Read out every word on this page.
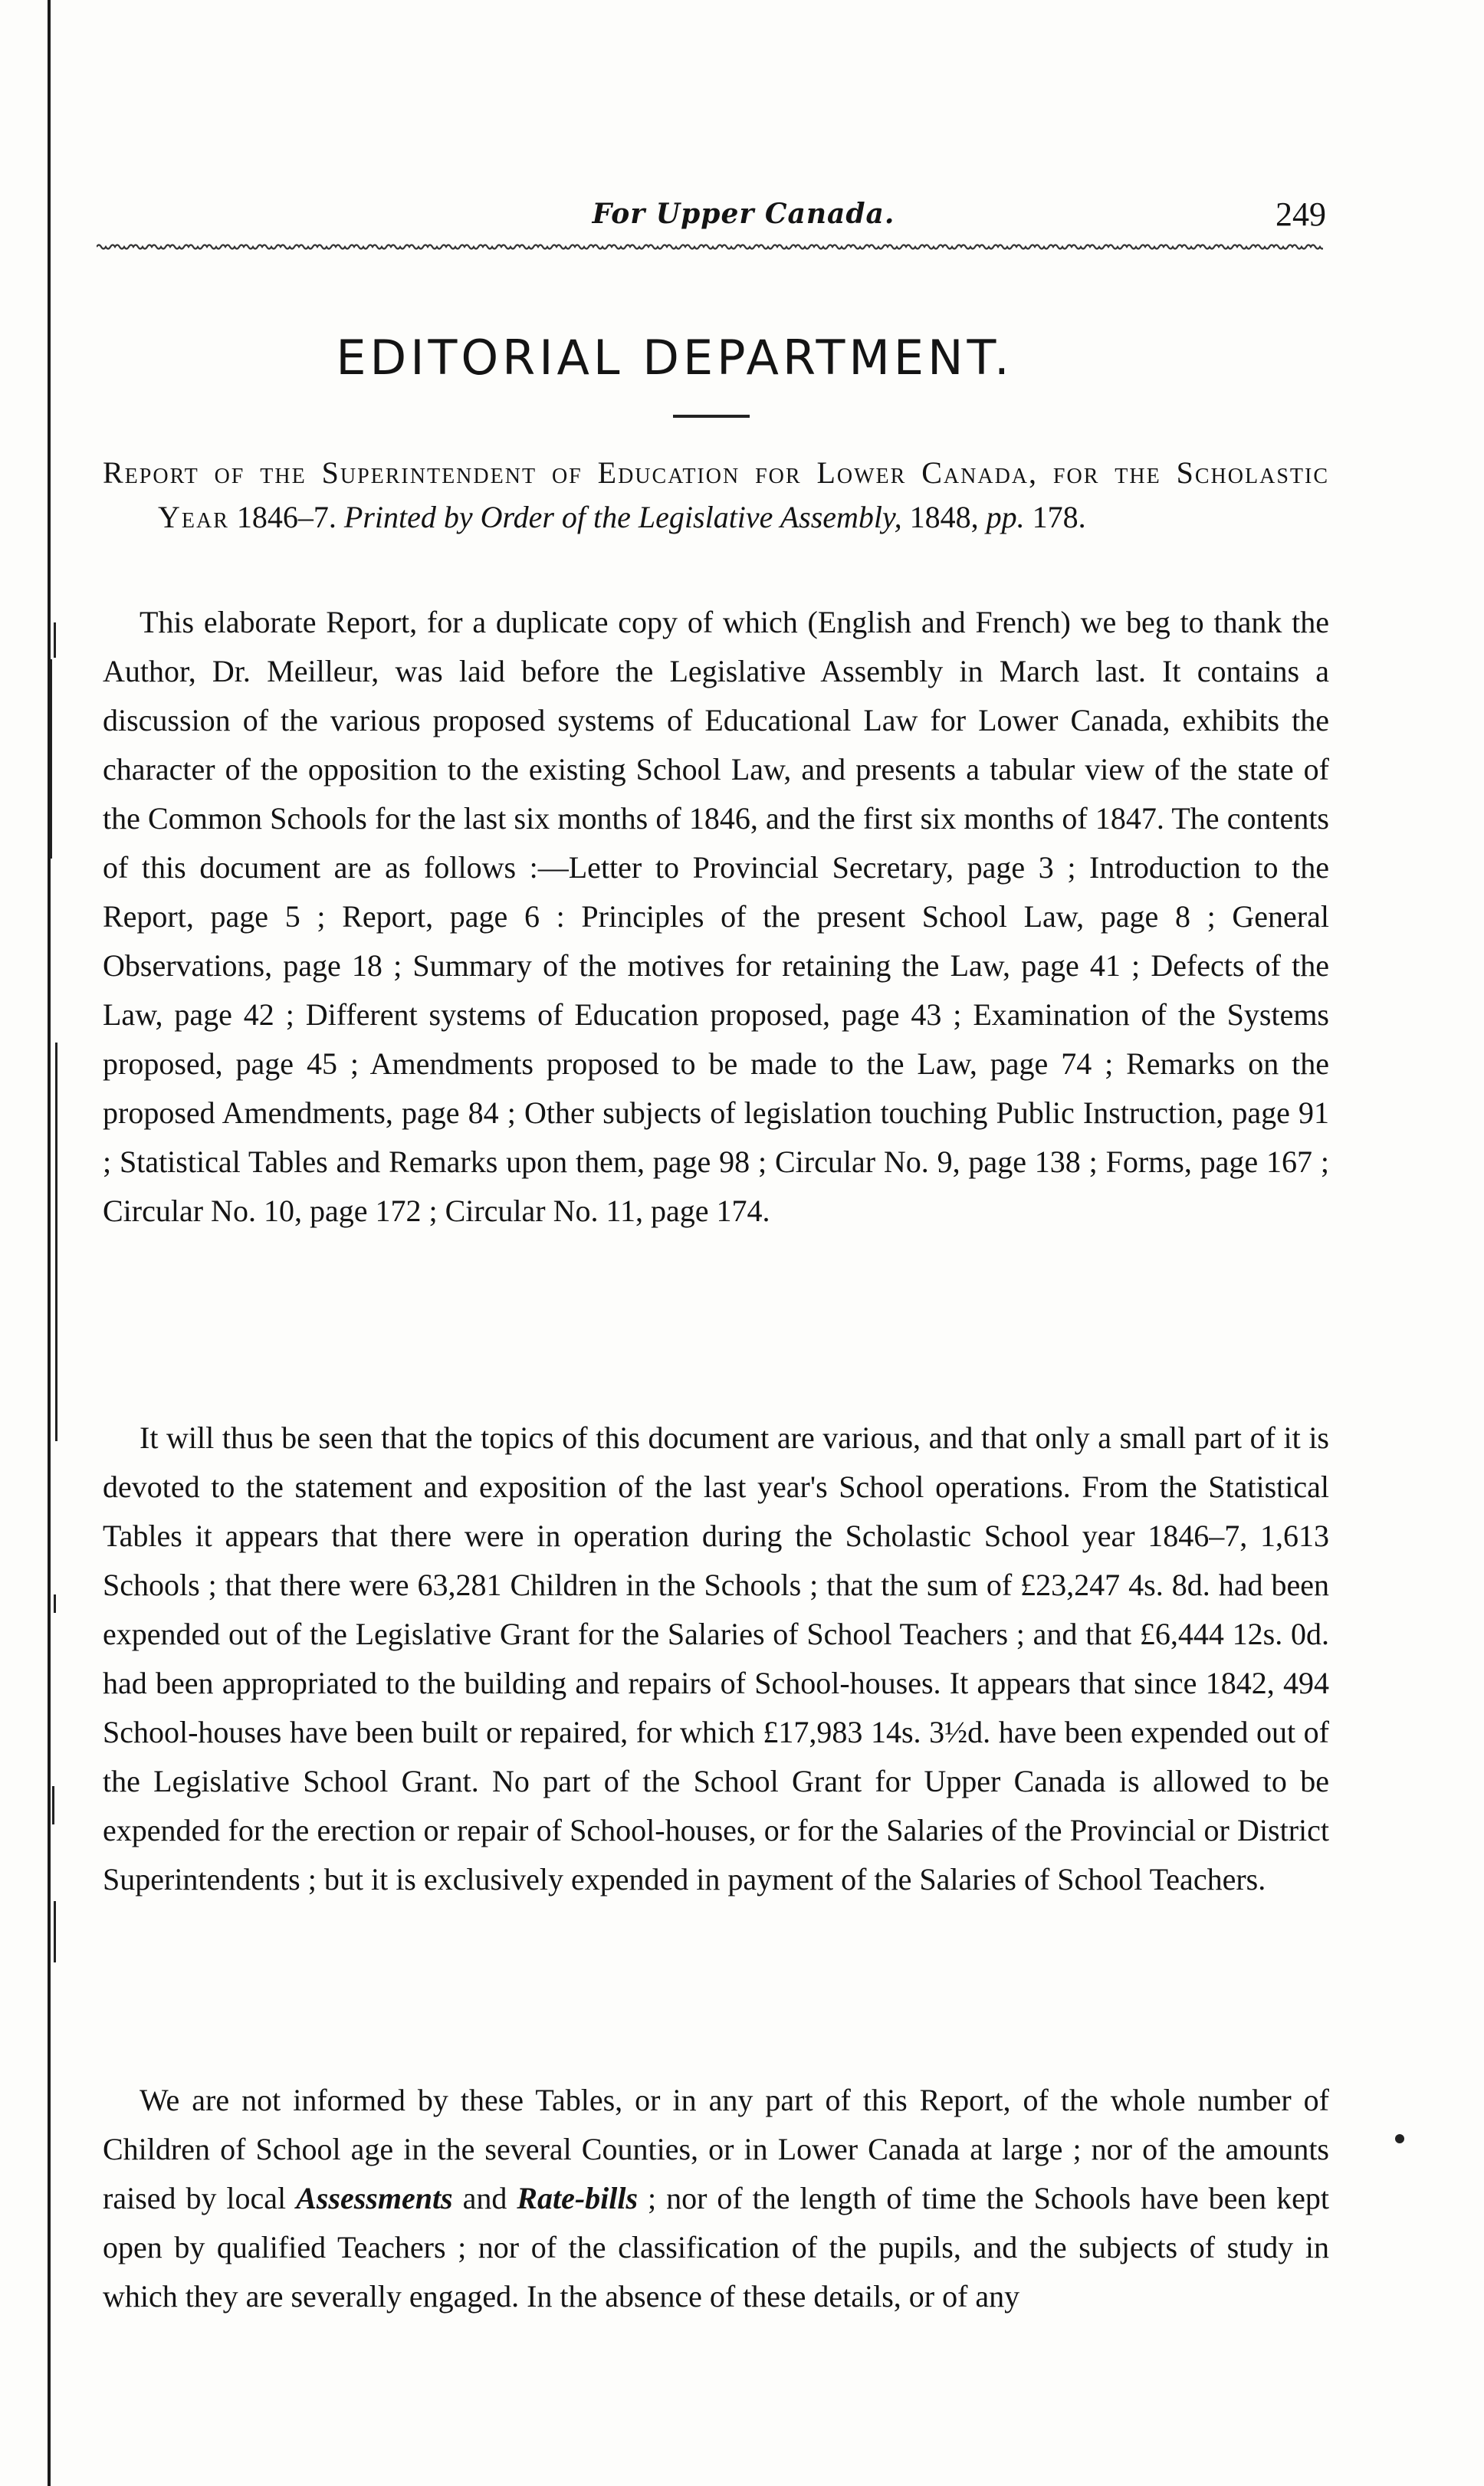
For Upper Canada.	249
EDITORIAL DEPARTMENT.
Report of the Superintendent of Education for Lower Canada, for the Scholastic Year 1846–7. Printed by Order of the Legislative Assembly, 1848, pp. 178.

This elaborate Report, for a duplicate copy of which (English and French) we beg to thank the Author, Dr. Meilleur, was laid before the Legislative Assembly in March last. It contains a discussion of the various proposed systems of Educational Law for Lower Canada, exhibits the character of the opposition to the existing School Law, and presents a tabular view of the state of the Common Schools for the last six months of 1846, and the first six months of 1847. The contents of this document are as follows :—Letter to Provincial Secretary, page 3 ; Introduction to the Report, page 5 ; Report, page 6 : Principles of the present School Law, page 8 ; General Observations, page 18 ; Summary of the motives for retaining the Law, page 41 ; Defects of the Law, page 42 ; Different systems of Education proposed, page 43 ; Examination of the Systems proposed, page 45 ; Amendments proposed to be made to the Law, page 74 ; Remarks on the proposed Amendments, page 84 ; Other subjects of legislation touching Public Instruction, page 91 ; Statistical Tables and Remarks upon them, page 98 ; Circular No. 9, page 138 ; Forms, page 167 ; Circular No. 10, page 172 ; Circular No. 11, page 174.

It will thus be seen that the topics of this document are various, and that only a small part of it is devoted to the statement and exposition of the last year's School operations. From the Statistical Tables it appears that there were in operation during the Scholastic School year 1846–7, 1,613 Schools ; that there were 63,281 Children in the Schools ; that the sum of £23,247 4s. 8d. had been expended out of the Legislative Grant for the Salaries of School Teachers ; and that £6,444 12s. 0d. had been appropriated to the building and repairs of School-houses. It appears that since 1842, 494 School-houses have been built or repaired, for which £17,983 14s. 3½d. have been expended out of the Legislative School Grant. No part of the School Grant for Upper Canada is allowed to be expended for the erection or repair of School-houses, or for the Salaries of the Provincial or District Superintendents ; but it is exclusively expended in payment of the Salaries of School Teachers.

We are not informed by these Tables, or in any part of this Report, of the whole number of Children of School age in the several Counties, or in Lower Canada at large ; nor of the amounts raised by local Assessments and Rate-bills ; nor of the length of time the Schools have been kept open by qualified Teachers ; nor of the classification of the pupils, and the subjects of study in which they are severally engaged. In the absence of these details, or of any
